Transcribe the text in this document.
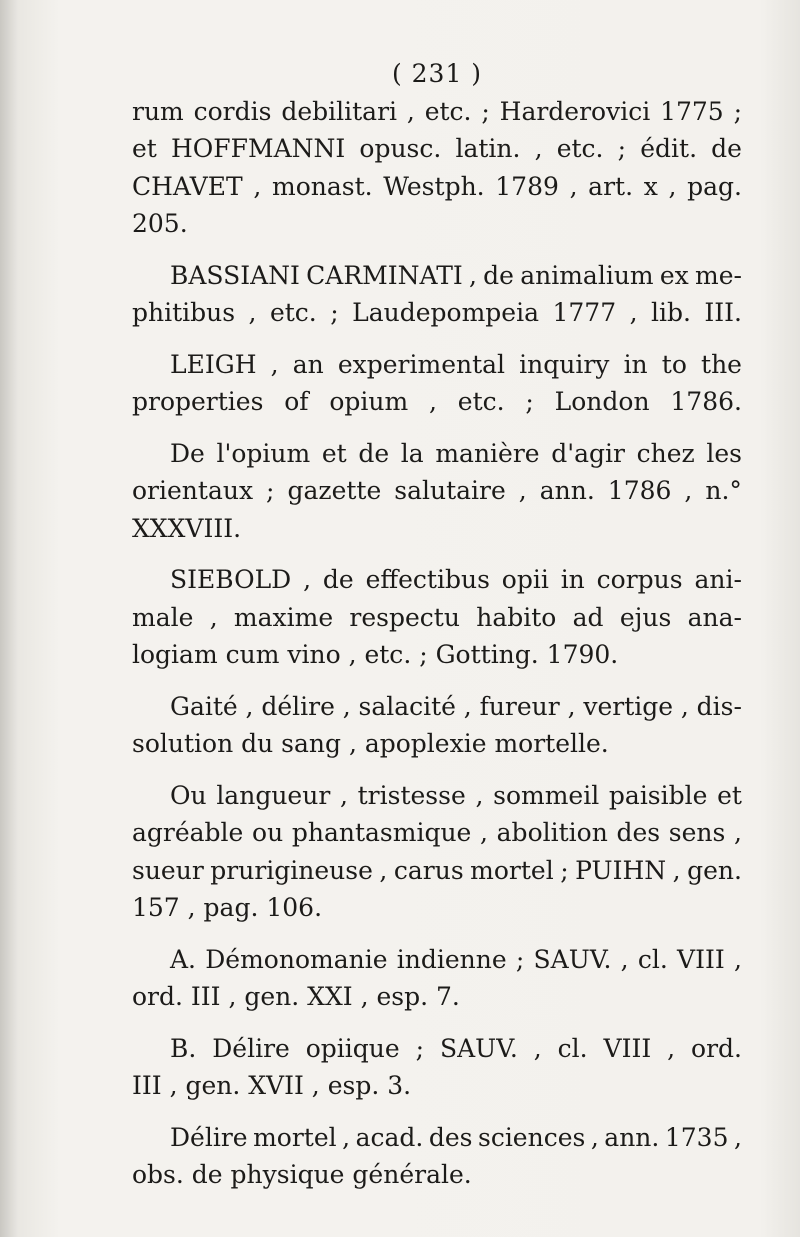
( 231 )
rum cordis debilitari , etc. ; Harderovici 1775 ;
et HOFFMANNI opusc. latin. , etc. ; édit. de
CHAVET , monast. Westph. 1789 , art. x , pag.
205.
BASSIANI CARMINATI , de animalium ex me-
phitibus , etc. ; Laudepompeia 1777 , lib. III.
LEIGH , an experimental inquiry in to the
properties of opium , etc. ; London 1786.
De l'opium et de la manière d'agir chez les
orientaux ; gazette salutaire , ann. 1786 , n.°
XXXVIII.
SIEBOLD , de effectibus opii in corpus ani-
male , maxime respectu habito ad ejus ana-
logiam cum vino , etc. ; Gotting. 1790.
Gaité , délire , salacité , fureur , vertige , dis-
solution du sang , apoplexie mortelle.
Ou langueur , tristesse , sommeil paisible et
agréable ou phantasmique , abolition des sens ,
sueur prurigineuse , carus mortel ; PUIHN , gen.
157 , pag. 106.
A. Démonomanie indienne ; SAUV. , cl. VIII ,
ord. III , gen. XXI , esp. 7.
B. Délire opiique ; SAUV. , cl. VIII , ord.
III , gen. XVII , esp. 3.
Délire mortel , acad. des sciences , ann. 1735 ,
obs. de physique générale.
